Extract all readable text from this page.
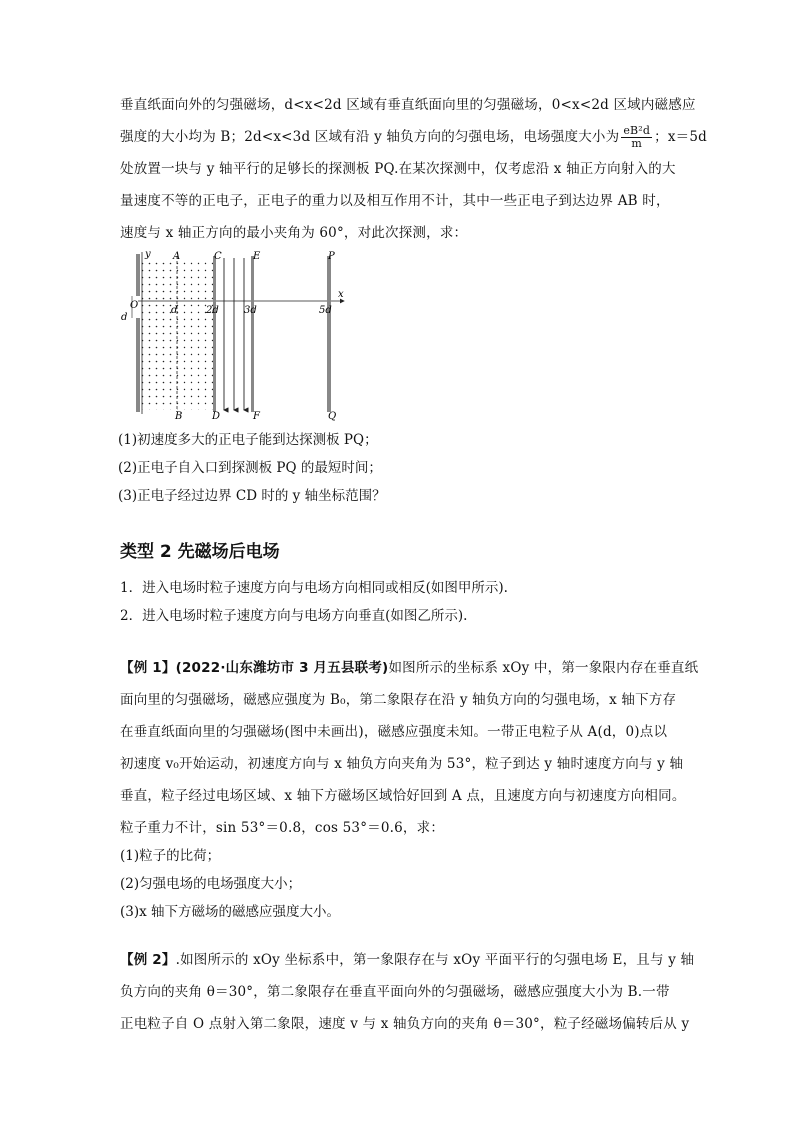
垂直纸面向外的匀强磁场，d<x<2d 区域有垂直纸面向里的匀强磁场，0<x<2d 区域内磁感应
强度的大小均为 B；2d<x<3d 区域有沿 y 轴负方向的匀强电场，电场强度大小为 $\frac{\text{eB²d}}{m}$ ；x＝5d
处放置一块与 y 轴平行的足够长的探测板 PQ.在某次探测中，仅考虑沿 x 轴正方向射入的大
量速度不等的正电子，正电子的重力以及相互作用不计，其中一些正电子到达边界 AB 时，
速度与 x 轴正方向的最小夹角为 60°，对此次探测，求：
y
x
O
d
A
B
C
D
E
F
P
Q
d	2d	3d	5d
(1)初速度多大的正电子能到达探测板 PQ；
(2)正电子自入口到探测板 PQ 的最短时间；
(3)正电子经过边界 CD 时的 y 轴坐标范围？
类型 2 先磁场后电场
1．进入电场时粒子速度方向与电场方向相同或相反(如图甲所示).
2．进入电场时粒子速度方向与电场方向垂直(如图乙所示).
【例 1】(2022·山东潍坊市 3 月五县联考)如图所示的坐标系 xOy 中，第一象限内存在垂直纸
面向里的匀强磁场，磁感应强度为 B₀，第二象限存在沿 y 轴负方向的匀强电场，x 轴下方存
在垂直纸面向里的匀强磁场(图中未画出)，磁感应强度未知。一带正电粒子从 A(d，0)点以
初速度 v₀开始运动，初速度方向与 x 轴负方向夹角为 53°，粒子到达 y 轴时速度方向与 y 轴
垂直，粒子经过电场区域、x 轴下方磁场区域恰好回到 A 点，且速度方向与初速度方向相同。
粒子重力不计，sin 53°＝0.8，cos 53°＝0.6，求：
(1)粒子的比荷；
(2)匀强电场的电场强度大小；
(3)x 轴下方磁场的磁感应强度大小。
【例 2】.如图所示的 xOy 坐标系中，第一象限存在与 xOy 平面平行的匀强电场 E，且与 y 轴
负方向的夹角 θ＝30°，第二象限存在垂直平面向外的匀强磁场，磁感应强度大小为 B.一带
正电粒子自 O 点射入第二象限，速度 v 与 x 轴负方向的夹角 θ＝30°，粒子经磁场偏转后从 y
